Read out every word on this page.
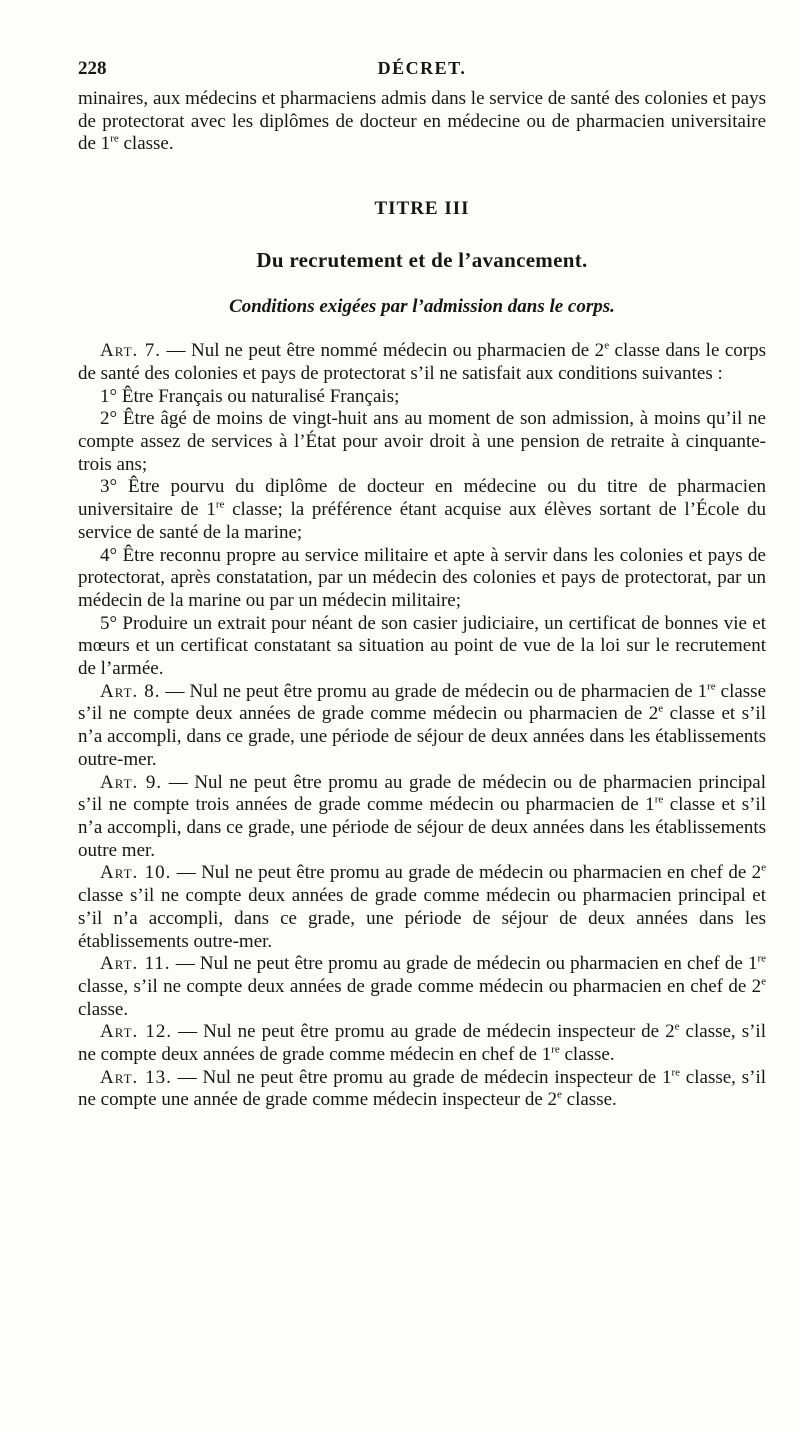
228	DÉCRET.

minaires, aux médecins et pharmaciens admis dans le service de santé des colonies et pays de protectorat avec les diplômes de docteur en médecine ou de pharmacien universitaire de 1re classe.

TITRE III

Du recrutement et de l’avancement.

Conditions exigées par l’admission dans le corps.

Art. 7. — Nul ne peut être nommé médecin ou pharmacien de 2e classe dans le corps de santé des colonies et pays de protectorat s’il ne satisfait aux conditions suivantes :

1° Être Français ou naturalisé Français;

2° Être âgé de moins de vingt-huit ans au moment de son admission, à moins qu’il ne compte assez de services à l’État pour avoir droit à une pension de retraite à cinquante-trois ans;

3° Être pourvu du diplôme de docteur en médecine ou du titre de pharmacien universitaire de 1re classe; la préférence étant acquise aux élèves sortant de l’École du service de santé de la marine;

4° Être reconnu propre au service militaire et apte à servir dans les colonies et pays de protectorat, après constatation, par un médecin des colonies et pays de protectorat, par un médecin de la marine ou par un médecin militaire;

5° Produire un extrait pour néant de son casier judiciaire, un certificat de bonnes vie et mœurs et un certificat constatant sa situation au point de vue de la loi sur le recrutement de l’armée.

Art. 8. — Nul ne peut être promu au grade de médecin ou de pharmacien de 1re classe s’il ne compte deux années de grade comme médecin ou pharmacien de 2e classe et s’il n’a accompli, dans ce grade, une période de séjour de deux années dans les établissements outre-mer.

Art. 9. — Nul ne peut être promu au grade de médecin ou de pharmacien principal s’il ne compte trois années de grade comme médecin ou pharmacien de 1re classe et s’il n’a accompli, dans ce grade, une période de séjour de deux années dans les établissements outre mer.

Art. 10. — Nul ne peut être promu au grade de médecin ou pharmacien en chef de 2e classe s’il ne compte deux années de grade comme médecin ou pharmacien principal et s’il n’a accompli, dans ce grade, une période de séjour de deux années dans les établissements outre-mer.

Art. 11. — Nul ne peut être promu au grade de médecin ou pharmacien en chef de 1re classe, s’il ne compte deux années de grade comme médecin ou pharmacien en chef de 2e classe.

Art. 12. — Nul ne peut être promu au grade de médecin inspecteur de 2e classe, s’il ne compte deux années de grade comme médecin en chef de 1re classe.

Art. 13. — Nul ne peut être promu au grade de médecin inspecteur de 1re classe, s’il ne compte une année de grade comme médecin inspecteur de 2e classe.
